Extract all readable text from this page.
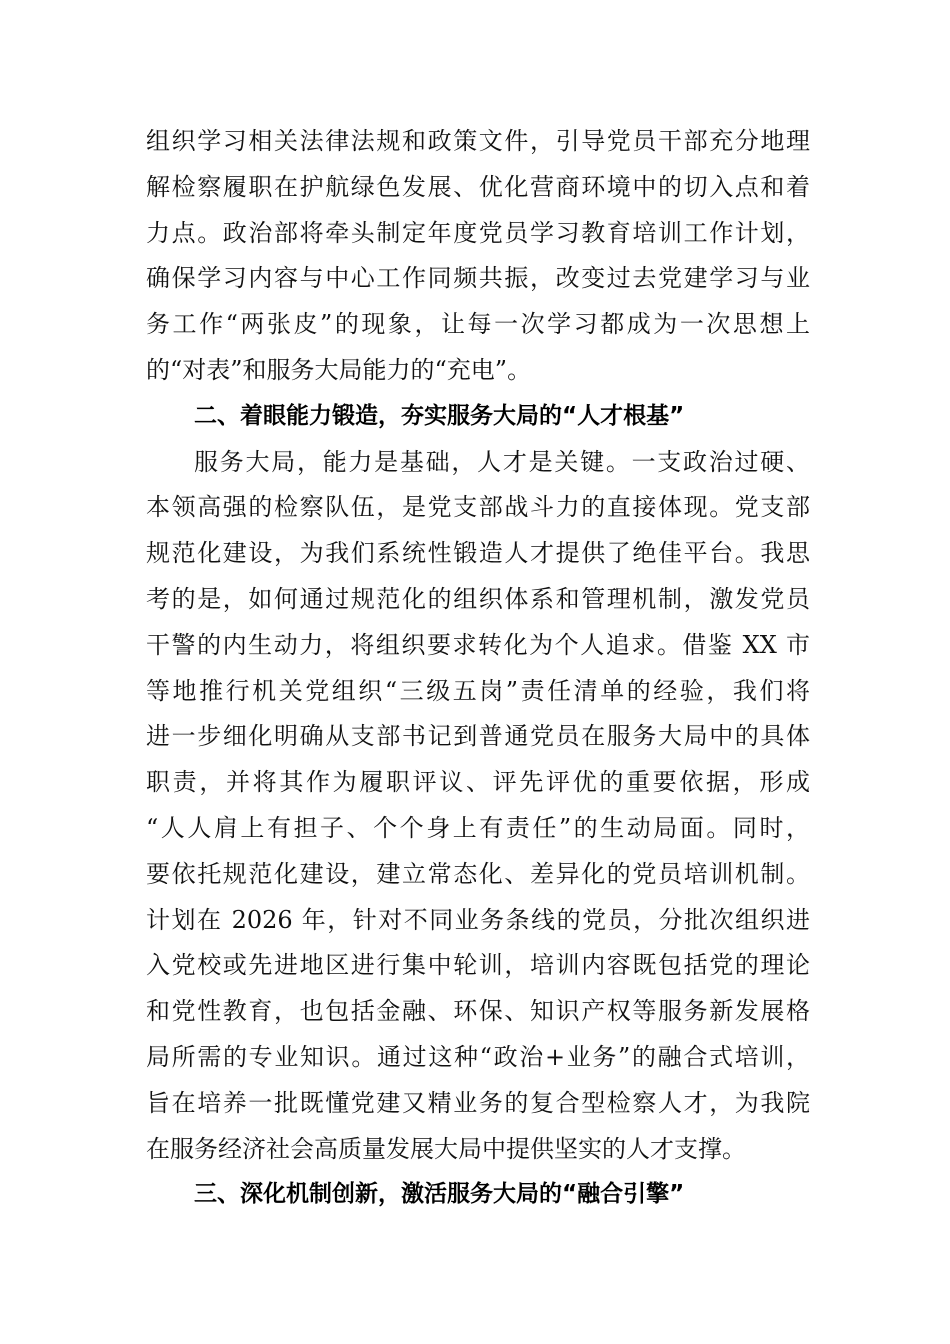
组织学习相关法律法规和政策文件，引导党员干部充分地理
解检察履职在护航绿色发展、优化营商环境中的切入点和着
力点。政治部将牵头制定年度党员学习教育培训工作计划，
确保学习内容与中心工作同频共振，改变过去党建学习与业
务工作“两张皮”的现象，让每一次学习都成为一次思想上
的“对表”和服务大局能力的“充电”。
二、着眼能力锻造，夯实服务大局的“人才根基”
服务大局，能力是基础，人才是关键。一支政治过硬、
本领高强的检察队伍，是党支部战斗力的直接体现。党支部
规范化建设，为我们系统性锻造人才提供了绝佳平台。我思
考的是，如何通过规范化的组织体系和管理机制，激发党员
干警的内生动力，将组织要求转化为个人追求。借鉴 XX 市
等地推行机关党组织“三级五岗”责任清单的经验，我们将
进一步细化明确从支部书记到普通党员在服务大局中的具体
职责，并将其作为履职评议、评先评优的重要依据，形成
“人人肩上有担子、个个身上有责任”的生动局面。同时，
要依托规范化建设，建立常态化、差异化的党员培训机制。
计划在 2026 年，针对不同业务条线的党员，分批次组织进
入党校或先进地区进行集中轮训，培训内容既包括党的理论
和党性教育，也包括金融、环保、知识产权等服务新发展格
局所需的专业知识。通过这种“政治+业务”的融合式培训，
旨在培养一批既懂党建又精业务的复合型检察人才，为我院
在服务经济社会高质量发展大局中提供坚实的人才支撑。
三、深化机制创新，激活服务大局的“融合引擎”
